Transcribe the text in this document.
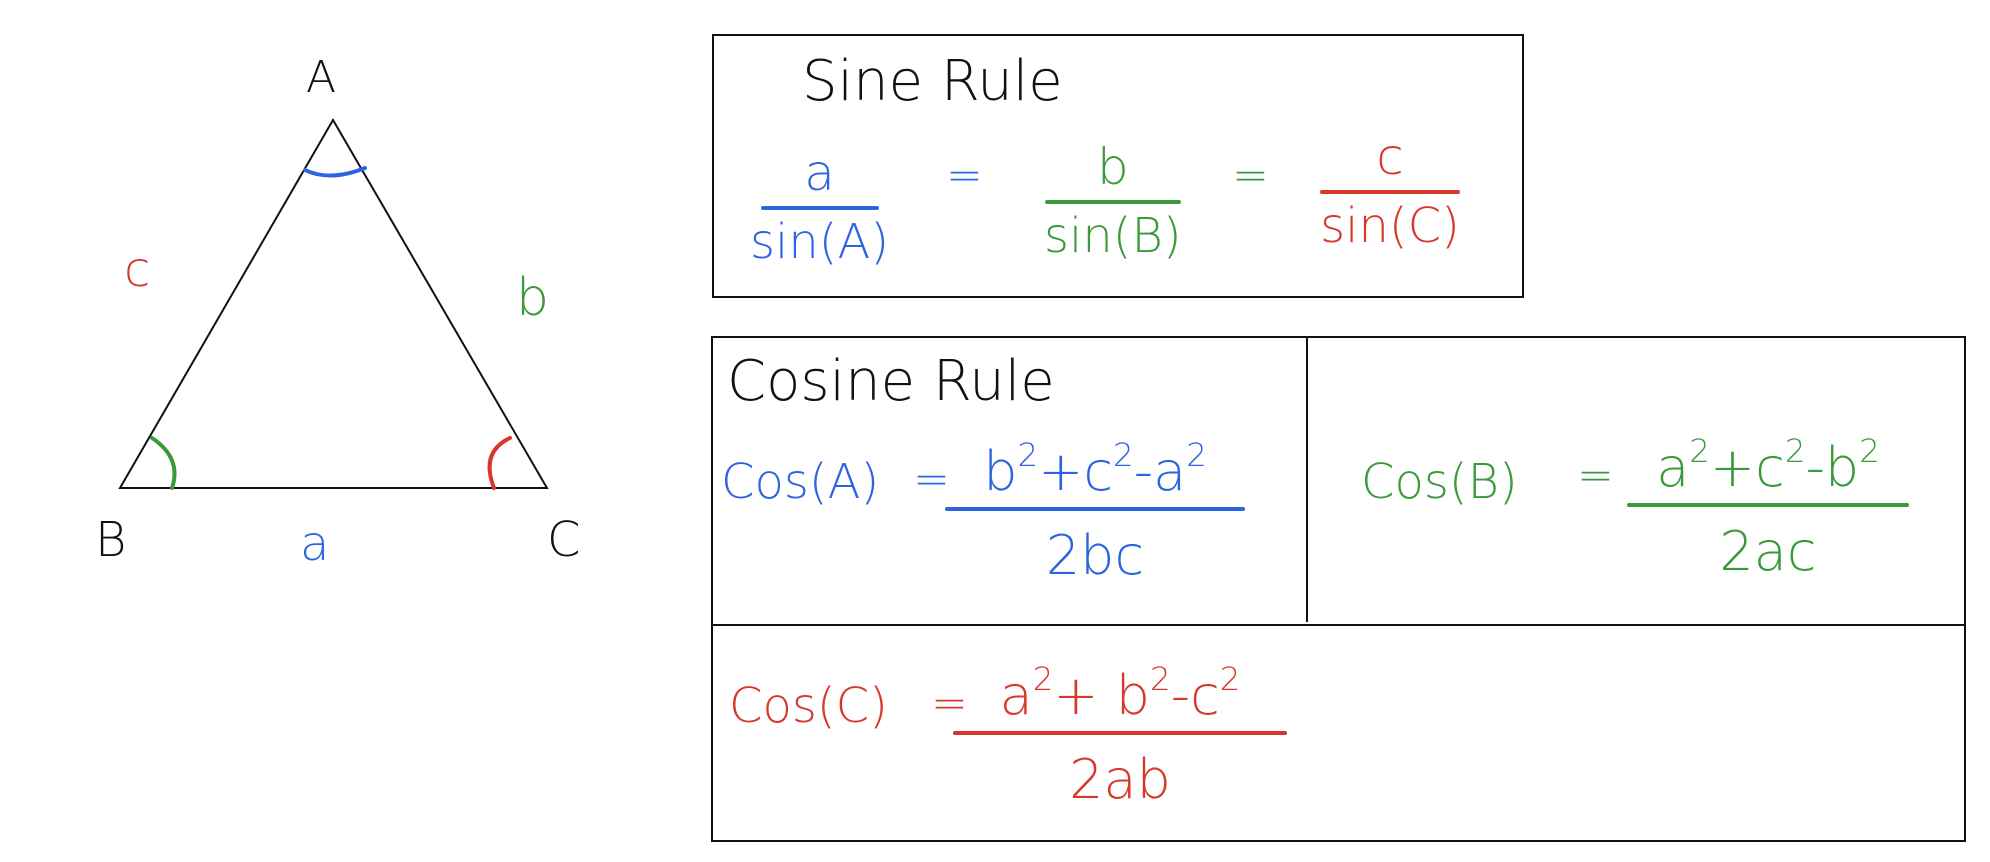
A
B	C
c	b
a
Sine Rule
a
sin(A)
= b
sin(B)
= c
sin(C)
Cosine Rule
$Cos(A) = b^2+c^2-a^2$
2bc
$Cos(B) = a^2+c^2-b^2$
2ac
$Cos(C) = a^2+ b^2-c^2$
2ab
